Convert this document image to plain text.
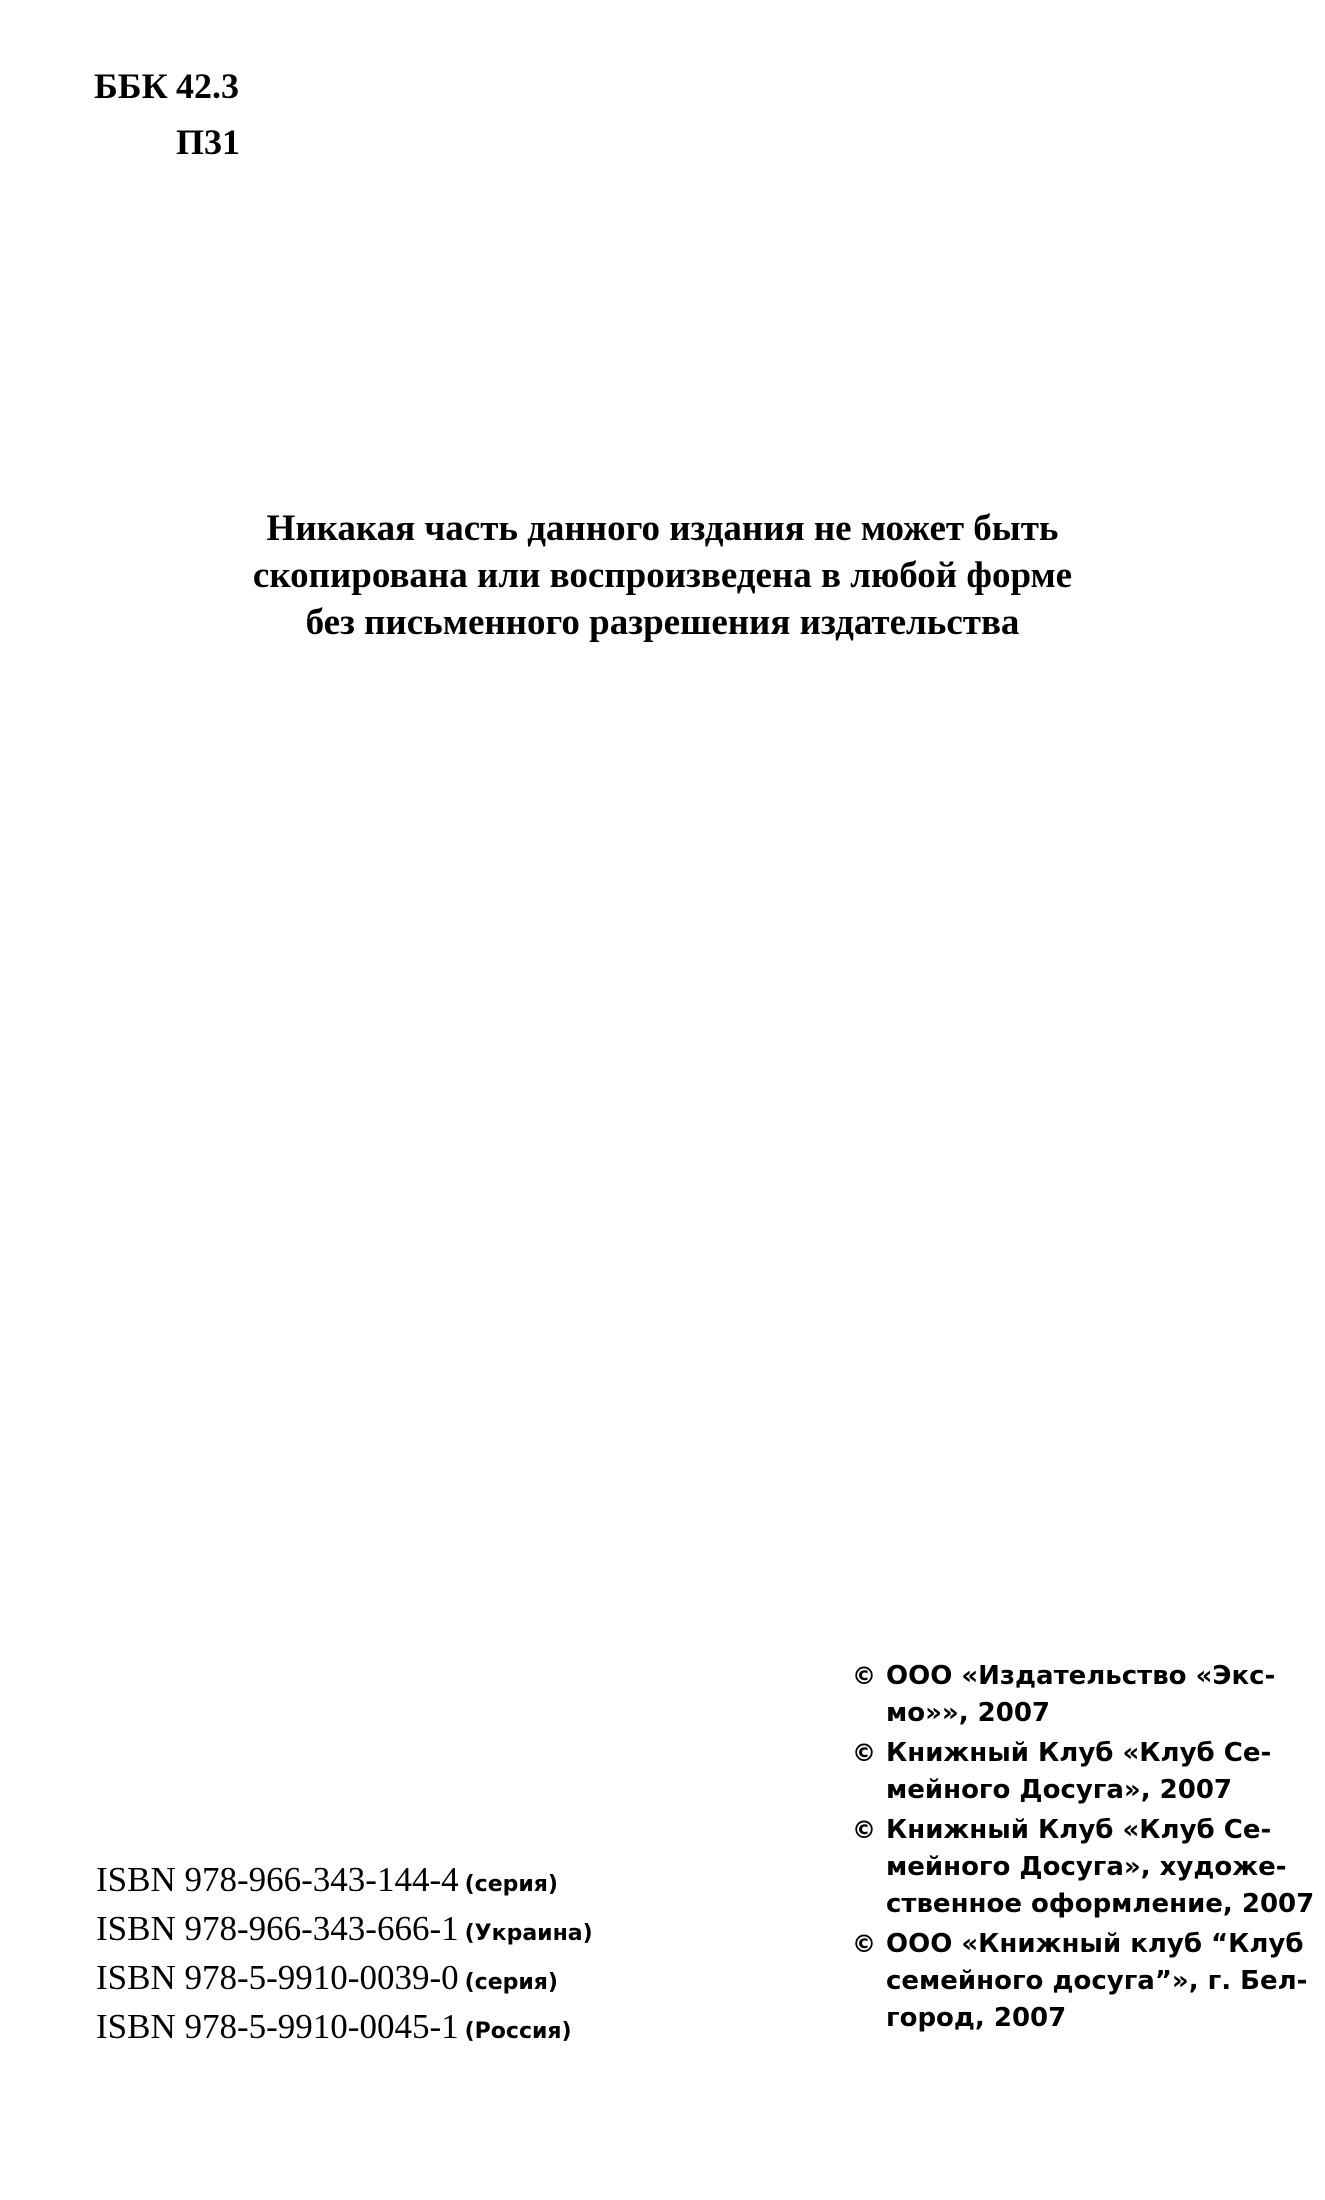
ББК 42.3
П31
Никакая часть данного издания не может быть
скопирована или воспроизведена в любой форме
без письменного разрешения издательства
ISBN 978-966-343-144-4 (серия)
ISBN 978-966-343-666-1 (Украина)
ISBN 978-5-9910-0039-0 (серия)
ISBN 978-5-9910-0045-1 (Россия)
© ООО «Издательство «Экс-
мо»», 2007
© Книжный Клуб «Клуб Се-
мейного Досуга», 2007
© Книжный Клуб «Клуб Се-
мейного Досуга», художе-
ственное оформление, 2007
© ООО «Книжный клуб “Клуб
семейного досуга”», г. Бел-
город, 2007
